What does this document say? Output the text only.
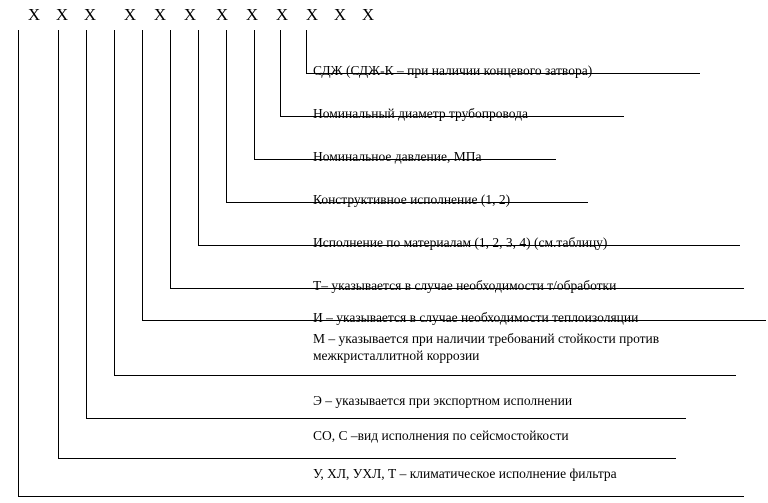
X X X X X X X X X X X X
СДЖ (СДЖ-К – при наличии концевого затвора)
Номинальный диаметр трубопровода
Номинальное давление, МПа
Конструктивное исполнение (1, 2)
Исполнение по материалам (1, 2, 3, 4) (см.таблицу)
Т– указывается в случае необходимости т/обработки
И – указывается в случае необходимости теплоизоляции
М – указывается при наличии требований стойкости против межкристаллитной коррозии
Э – указывается при экспортном исполнении
СО, С –вид исполнения по сейсмостойкости
У, ХЛ, УХЛ, Т – климатическое исполнение фильтра
